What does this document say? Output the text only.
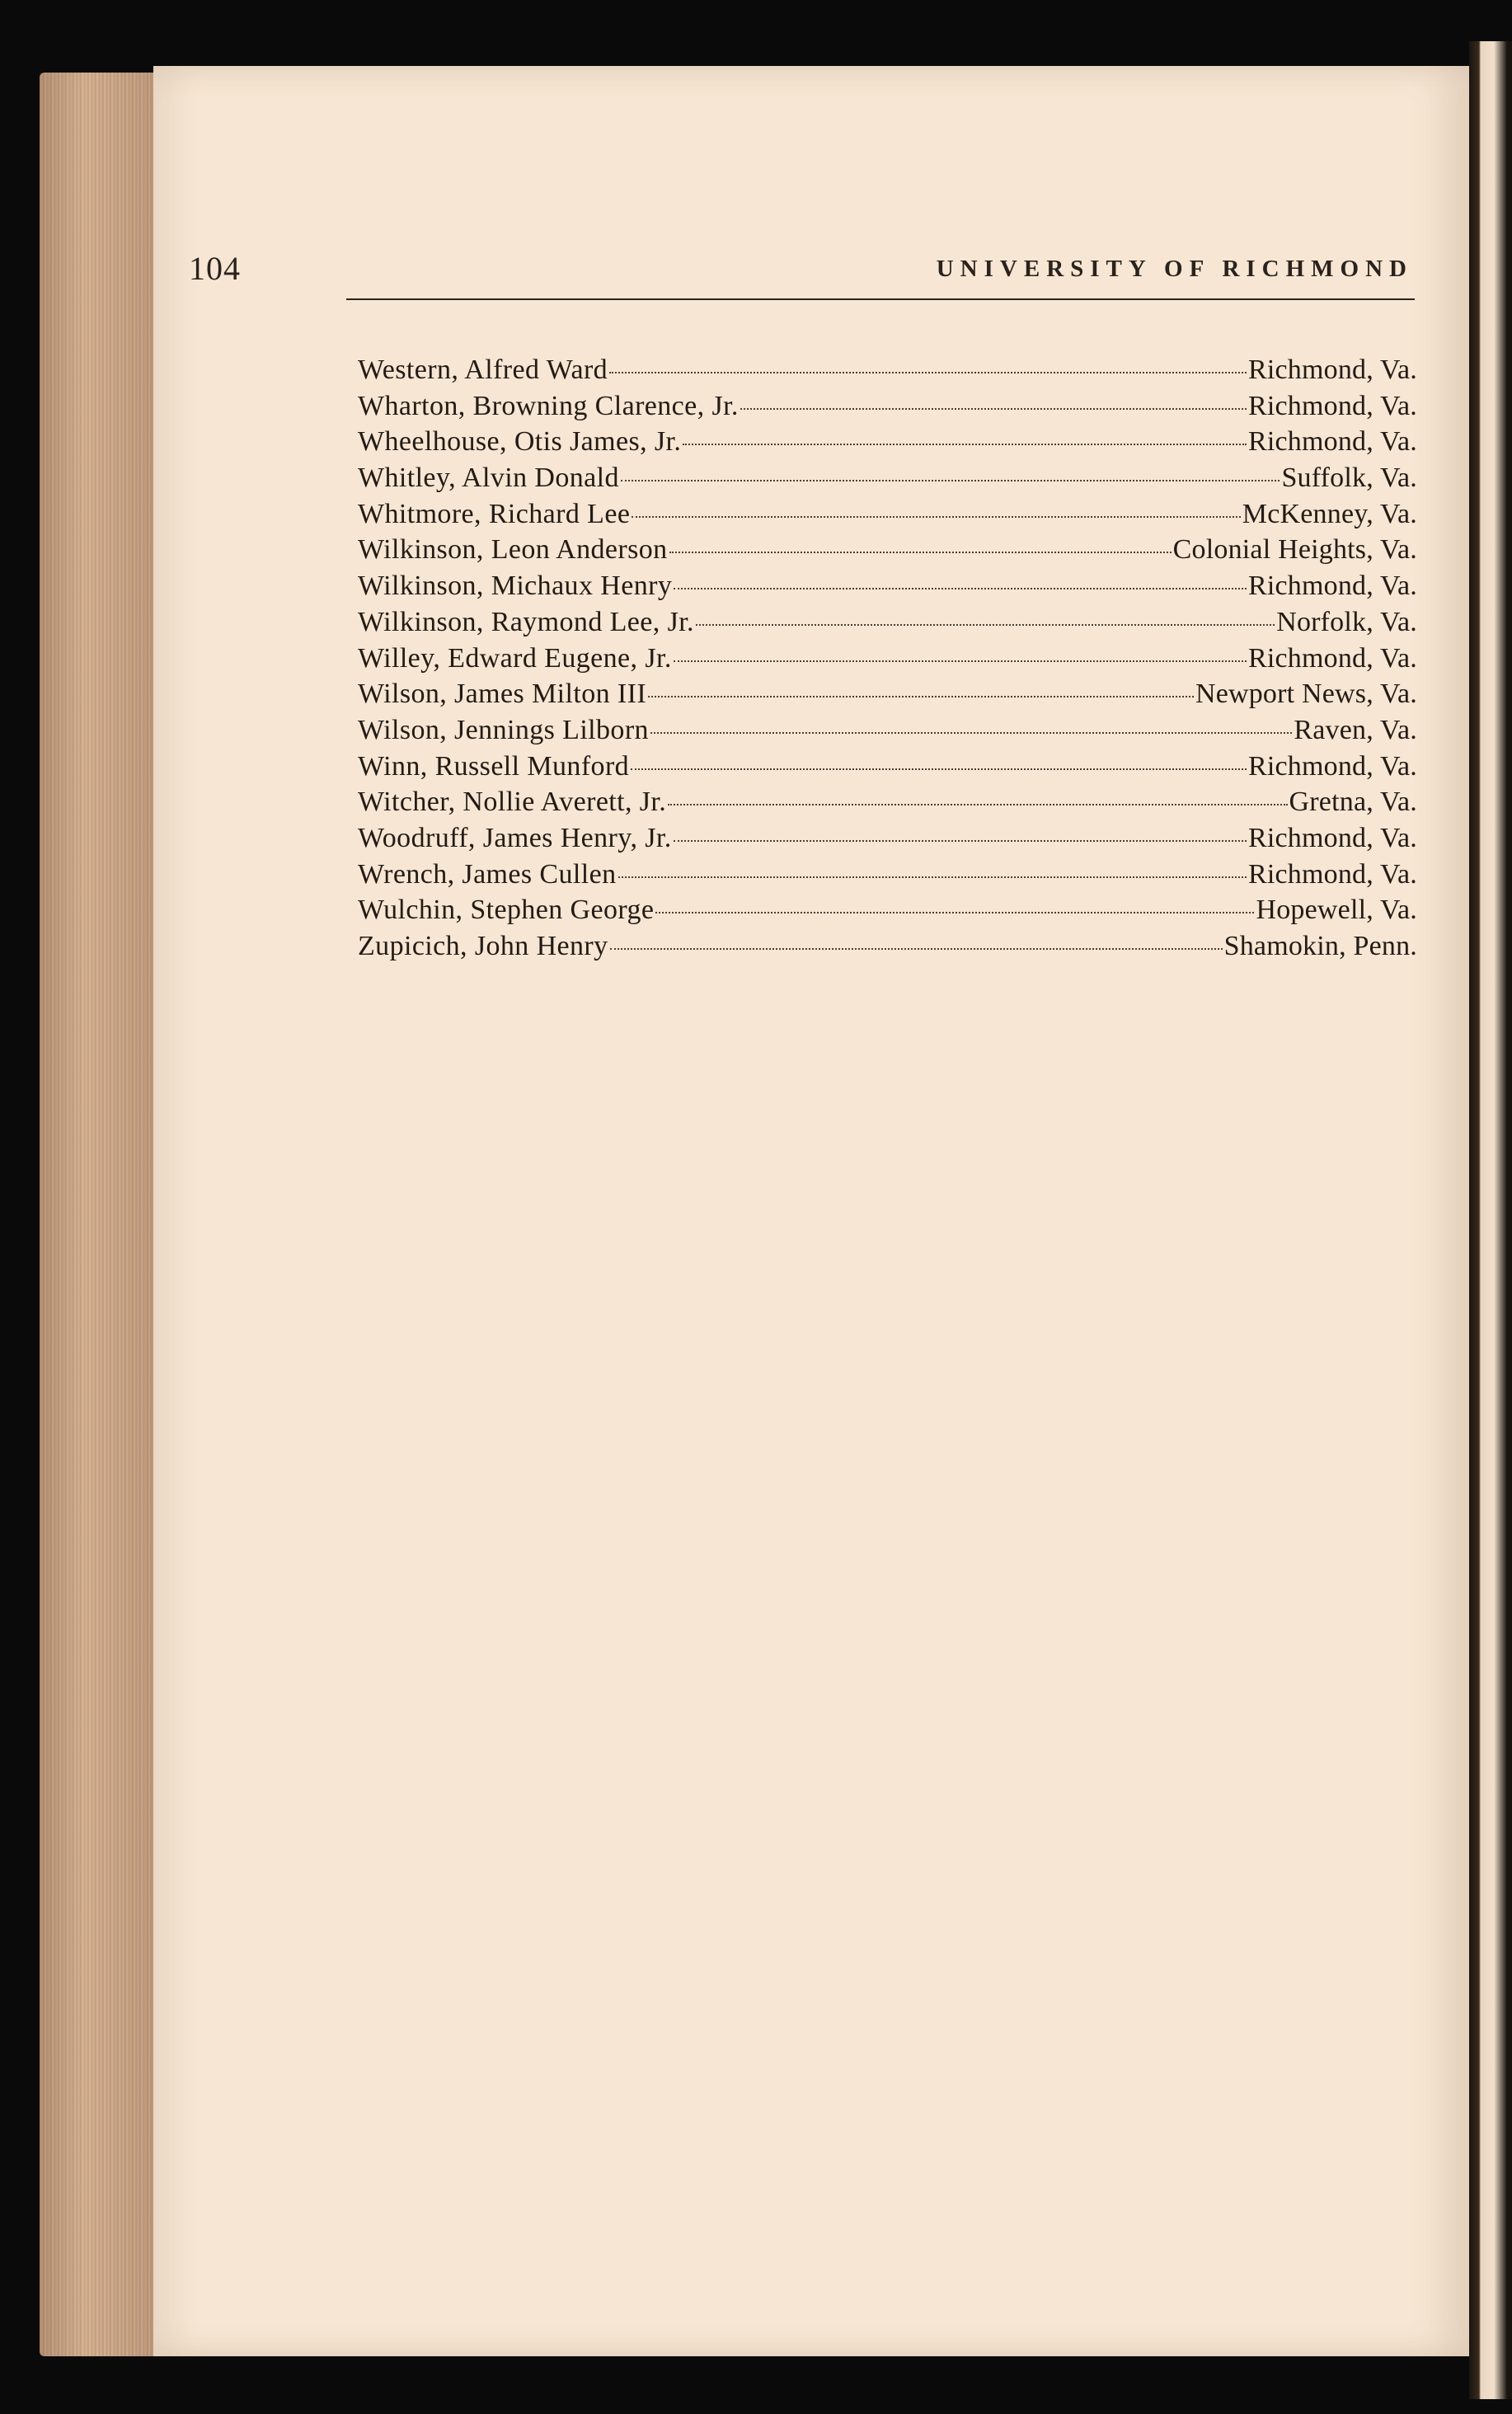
104	UNIVERSITY OF RICHMOND
Western, Alfred Ward	Richmond, Va.
Wharton, Browning Clarence, Jr.	Richmond, Va.
Wheelhouse, Otis James, Jr.	Richmond, Va.
Whitley, Alvin Donald	Suffolk, Va.
Whitmore, Richard Lee	McKenney, Va.
Wilkinson, Leon Anderson	Colonial Heights, Va.
Wilkinson, Michaux Henry	Richmond, Va.
Wilkinson, Raymond Lee, Jr.	Norfolk, Va.
Willey, Edward Eugene, Jr.	Richmond, Va.
Wilson, James Milton III	Newport News, Va.
Wilson, Jennings Lilborn	Raven, Va.
Winn, Russell Munford	Richmond, Va.
Witcher, Nollie Averett, Jr.	Gretna, Va.
Woodruff, James Henry, Jr.	Richmond, Va.
Wrench, James Cullen	Richmond, Va.
Wulchin, Stephen George	Hopewell, Va.
Zupicich, John Henry	Shamokin, Penn.
